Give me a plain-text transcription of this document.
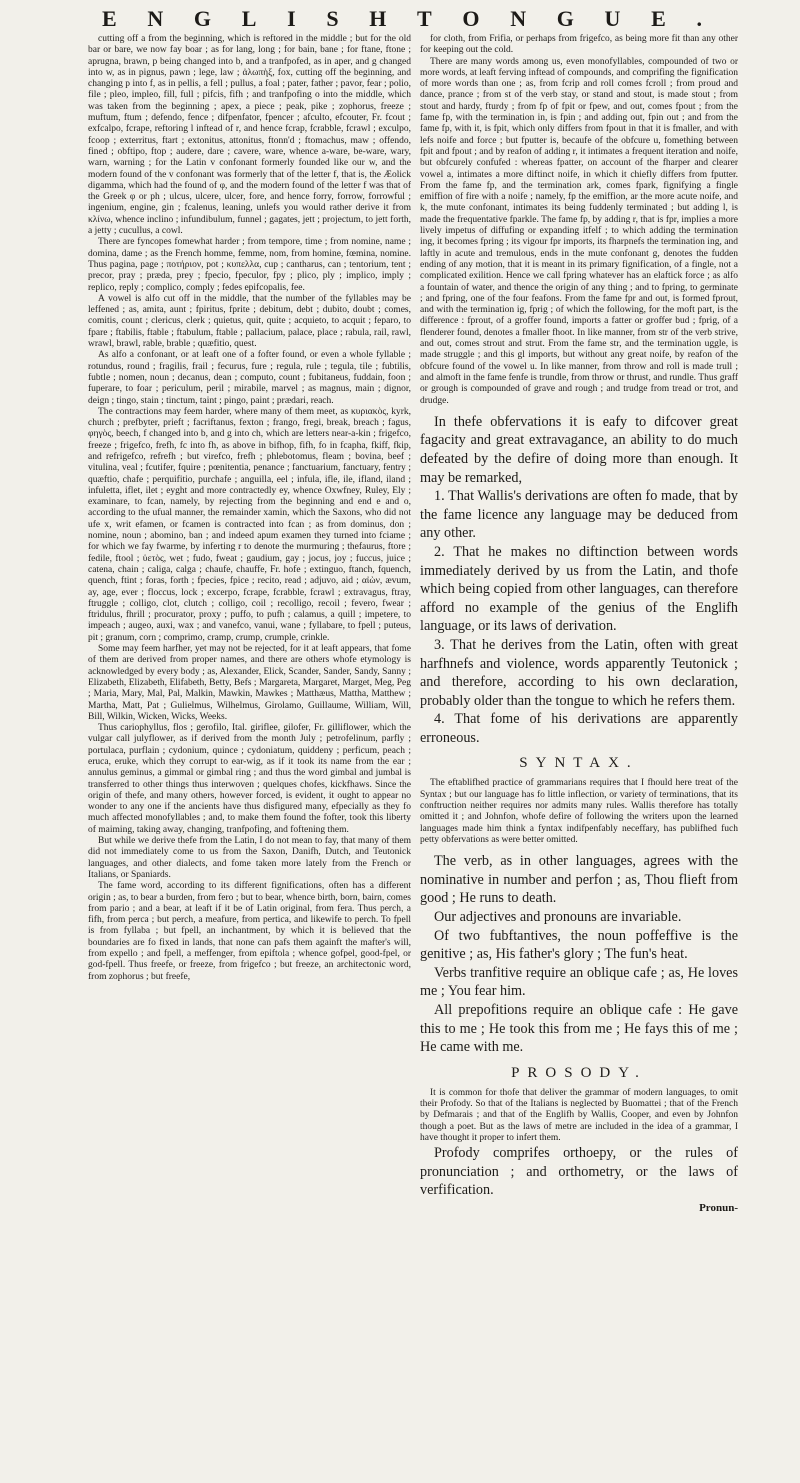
E N G L I S H T O N G U E .

cutting off a from the beginning, which is reftored in the middle ; but for the old bar or bare, we now fay boar ; as for lang, long ; for bain, bane ; for ftane, ftone ; aprugna, brawn, p being changed into b, and a tranfpofed, as in aper, and g changed into w, as in pignus, pawn ; lege, law ; ἀλωπὴξ, fox, cutting off the beginning, and changing p into f, as in pellis, a fell ; pullus, a foal ; pater, father ; pavor, fear ; polio, file ; pleo, impleo, fill, full ; pifcis, fifh ; and tranfpofing o into the middle, which was taken from the beginning ; apex, a piece ; peak, pike ; zophorus, freeze ; muftum, ftum ; defendo, fence ; difpenfator, fpencer ; afculto, efcouter, Fr. fcout ; exfcalpo, fcrape, reftoring l inftead of r, and hence fcrap, fcrabble, fcrawl ; exculpo, fcoop ; exterritus, ftart ; extonitus, attonitus, ftonn'd ; ftomachus, maw ; offendo, fined ; obftipo, ftop ; audere, dare ; cavere, ware, whence a-ware, be-ware, wary, warn, warning ; for the Latin v confonant formerly founded like our w, and the modern found of the v confonant was formerly that of the letter f, that is, the Æolick digamma, which had the found of φ, and the modern found of the letter f was that of the Greek φ or ph ; ulcus, ulcere, ulcer, fore, and hence forry, forrow, forrowful ; ingenium, engine, gin ; fcalenus, leaning, unlefs you would rather derive it from κλίνω, whence inclino ; infundibulum, funnel ; gagates, jett ; projectum, to jett forth, a jetty ; cucullus, a cowl.

There are fyncopes fomewhat harder ; from tempore, time ; from nomine, name ; domina, dame ; as the French homme, femme, nom, from homine, fœmina, nomine. Thus pagina, page ; ποτήριον, pot ; κυπελλα, cup ; cantharus, can ; tentorium, tent ; precor, pray ; præda, prey ; fpecio, fpeculor, fpy ; plico, ply ; implico, imply ; replico, reply ; complico, comply ; fedes epifcopalis, fee.

A vowel is alfo cut off in the middle, that the number of the fyllables may be leffened ; as, amita, aunt ; fpiritus, fprite ; debitum, debt ; dubito, doubt ; comes, comitis, count ; clericus, clerk ; quietus, quit, quite ; acquieto, to acquit ; feparo, to fpare ; ftabilis, ftable ; ftabulum, ftable ; pallacium, palace, place ; rabula, rail, rawl, wrawl, brawl, rable, brable ; quæfitio, quest.

As alfo a confonant, or at leaft one of a fofter found, or even a whole fyllable ; rotundus, round ; fragilis, frail ; fecurus, fure ; regula, rule ; tegula, tile ; fubtilis, fubtle ; nomen, noun ; decanus, dean ; computo, count ; fubitaneus, fuddain, foon ; fuperare, to foar ; periculum, peril ; mirabile, marvel ; as magnus, main ; dignor, deign ; tingo, stain ; tinctum, taint ; pingo, paint ; prædari, reach.

The contractions may feem harder, where many of them meet, as κυριακὸς, kyrk, church ; prefbyter, prieft ; facriftanus, fexton ; frango, fregi, break, breach ; fagus, φηγὸς, beech, f changed into b, and g into ch, which are letters near-a-kin ; frigefco, freeze ; frigefco, frefh, fc into fh, as above in bifhop, fifh, fo in fcapha, fkiff, fkip, and refrigefco, refrefh ; but virefco, frefh ; phlebotomus, fleam ; bovina, beef ; vitulina, veal ; fcutifer, fquire ; pœnitentia, penance ; fanctuarium, fanctuary, fentry ; quæftio, chafe ; perquifitio, purchafe ; anguilla, eel ; infula, ifle, ile, ifland, iland ; infuletta, iflet, ilet ; eyght and more contractedly ey, whence Oxwfney, Ruley, Ely ; examinare, to fcan, namely, by rejecting from the beginning and end e and o, according to the ufual manner, the remainder xamin, which the Saxons, who did not ufe x, writ efamen, or fcamen is contracted into fcan ; as from dominus, don ; nomine, noun ; abomino, ban ; and indeed apum examen they turned into fciame ; for which we fay fwarme, by inferting r to denote the murmuring ; thefaurus, ftore ; fedile, ftool ; ὑετὸς, wet ; fudo, fweat ; gaudium, gay ; jocus, joy ; fuccus, juice ; catena, chain ; caliga, calga ; chaufe, chauffe, Fr. hofe ; extinguo, ftanch, fquench, quench, ftint ; foras, forth ; fpecies, fpice ; recito, read ; adjuvo, aid ; αἰὼν, ævum, ay, age, ever ; floccus, lock ; excerpo, fcrape, fcrabble, fcrawl ; extravagus, ftray, ftruggle ; colligo, clot, clutch ; colligo, coil ; recolligo, recoil ; fevero, fwear ; ftridulus, fhrill ; procurator, proxy ; puffo, to pufh ; calamus, a quill ; impetere, to impeach ; augeo, auxi, wax ; and vanefco, vanui, wane ; fyllabare, to fpell ; puteus, pit ; granum, corn ; comprimo, cramp, crump, crumple, crinkle.

Some may feem harfher, yet may not be rejected, for it at leaft appears, that fome of them are derived from proper names, and there are others whofe etymology is acknowledged by every body ; as, Alexander, Elick, Scander, Sander, Sandy, Sanny ; Elizabeth, Elizabeth, Elifabeth, Betty, Befs ; Margareta, Margaret, Marget, Meg, Peg ; Maria, Mary, Mal, Pal, Malkin, Mawkin, Mawkes ; Matthæus, Mattha, Matthew ; Martha, Matt, Pat ; Gulielmus, Wilhelmus, Girolamo, Guillaume, William, Will, Bill, Wilkin, Wicken, Wicks, Weeks.

Thus cariophyllus, flos ; gerofilo, Ital. giriflee, gilofer, Fr. gilliflower, which the vulgar call julyflower, as if derived from the month July ; petrofelinum, parfly ; portulaca, purflain ; cydonium, quince ; cydoniatum, quiddeny ; perficum, peach ; eruca, eruke, which they corrupt to ear-wig, as if it took its name from the ear ; annulus geminus, a gimmal or gimbal ring ; and thus the word gimbal and jumbal is transferred to other things thus interwoven ; quelques chofes, kickfhaws. Since the origin of thefe, and many others, however forced, is evident, it ought to appear no wonder to any one if the ancients have thus disfigured many, efpecially as they fo much affected monofyllables ; and, to make them found the fofter, took this liberty of maiming, taking away, changing, tranfpofing, and foftening them.

But while we derive thefe from the Latin, I do not mean to fay, that many of them did not immediately come to us from the Saxon, Danifh, Dutch, and Teutonick languages, and other dialects, and fome taken more lately from the French or Italians, or Spaniards.

The fame word, according to its different fignifications, often has a different origin ; as, to bear a burden, from fero ; but to bear, whence birth, born, bairn, comes from pario ; and a bear, at leaft if it be of Latin original, from fera. Thus perch, a fifh, from perca ; but perch, a meafure, from pertica, and likewife to perch. To fpell is from fyllaba ; but fpell, an inchantment, by which it is believed that the boundaries are fo fixed in lands, that none can pafs them againft the mafter's will, from expello ; and fpell, a meffenger, from epiftola ; whence gofpel, good-fpel, or god-fpell. Thus freefe, or freeze, from frigefco ; but freeze, an architectonic word, from zophorus ; but freefe,

for cloth, from Frifia, or perhaps from frigefco, as being more fit than any other for keeping out the cold.

There are many words among us, even monofyllables, compounded of two or more words, at leaft ferving inftead of compounds, and comprifing the fignification of more words than one ; as, from fcrip and roll comes fcroll ; from proud and dance, prance ; from st of the verb stay, or stand and stout, is made stout ; from stout and hardy, fturdy ; from fp of fpit or fpew, and out, comes fpout ; from the fame fp, with the termination in, is fpin ; and adding out, fpin out ; and from the fame fp, with it, is fpit, which only differs from fpout in that it is fmaller, and with lefs noife and force ; but fputter is, becaufe of the obfcure u, fomething between fpit and fpout ; and by reafon of adding r, it intimates a frequent iteration and noife, but obfcurely confufed : whereas fpatter, on account of the fharper and clearer vowel a, intimates a more diftinct noife, in which it chiefly differs from fputter. From the fame fp, and the termination ark, comes fpark, fignifying a fingle emiffion of fire with a noife ; namely, fp the emiffion, ar the more acute noife, and k, the mute confonant, intimates its being fuddenly terminated ; but adding l, is made the frequentative fparkle. The fame fp, by adding r, that is fpr, implies a more lively impetus of diffufing or expanding itfelf ; to which adding the termination ing, it becomes fpring ; its vigour fpr imports, its fharpnefs the termination ing, and laftly in acute and tremulous, ends in the mute confonant g, denotes the fudden ending of any motion, that it is meant in its primary fignification, of a fingle, not a complicated exilition. Hence we call fpring whatever has an elaftick force ; as alfo a fountain of water, and thence the origin of any thing ; and to fpring, to germinate ; and fpring, one of the four feafons. From the fame fpr and out, is formed fprout, and with the termination ig, fprig ; of which the following, for the moft part, is the difference : fprout, of a groffer found, imports a fatter or groffer bud ; fprig, of a flenderer found, denotes a fmaller fhoot. In like manner, from str of the verb strive, and out, comes strout and strut. From the fame str, and the termination uggle, is made struggle ; and this gl imports, but without any great noife, by reafon of the obfcure found of the vowel u. In like manner, from throw and roll is made trull ; and almoft in the fame fenfe is trundle, from throw or thrust, and rundle. Thus graff or grough is compounded of grave and rough ; and trudge from tread or trot, and drudge.

In thefe obfervations it is eafy to difcover great fagacity and great extravagance, an ability to do much defeated by the defire of doing more than enough. It may be remarked,

1. That Wallis's derivations are often fo made, that by the fame licence any language may be deduced from any other.

2. That he makes no diftinction between words immediately derived by us from the Latin, and thofe which being copied from other languages, can therefore afford no example of the genius of the Englifh language, or its laws of derivation.

3. That he derives from the Latin, often with great harfhnefs and violence, words apparently Teutonick ; and therefore, according to his own declaration, probably older than the tongue to which he refers them.

4. That fome of his derivations are apparently erroneous.

SYNTAX.

The eftablifhed practice of grammarians requires that I fhould here treat of the Syntax ; but our language has fo little inflection, or variety of terminations, that its conftruction neither requires nor admits many rules. Wallis therefore has totally omitted it ; and Johnfon, whofe defire of following the writers upon the learned languages made him think a fyntax indifpenfably neceffary, has publifhed fuch petty obfervations as were better omitted.

The verb, as in other languages, agrees with the nominative in number and perfon ; as, Thou flieft from good ; He runs to death.

Our adjectives and pronouns are invariable.

Of two fubftantives, the noun poffeffive is the genitive ; as, His father's glory ; The fun's heat.

Verbs tranfitive require an oblique cafe ; as, He loves me ; You fear him.

All prepofitions require an oblique cafe : He gave this to me ; He took this from me ; He fays this of me ; He came with me.

PROSODY.

It is common for thofe that deliver the grammar of modern languages, to omit their Profody. So that of the Italians is neglected by Buomattei ; that of the French by Defmarais ; and that of the Englifh by Wallis, Cooper, and even by Johnfon though a poet. But as the laws of metre are included in the idea of a grammar, I have thought it proper to infert them.

Profody comprifes orthoepy, or the rules of pronunciation ; and orthometry, or the laws of verfification.

Pronun-
